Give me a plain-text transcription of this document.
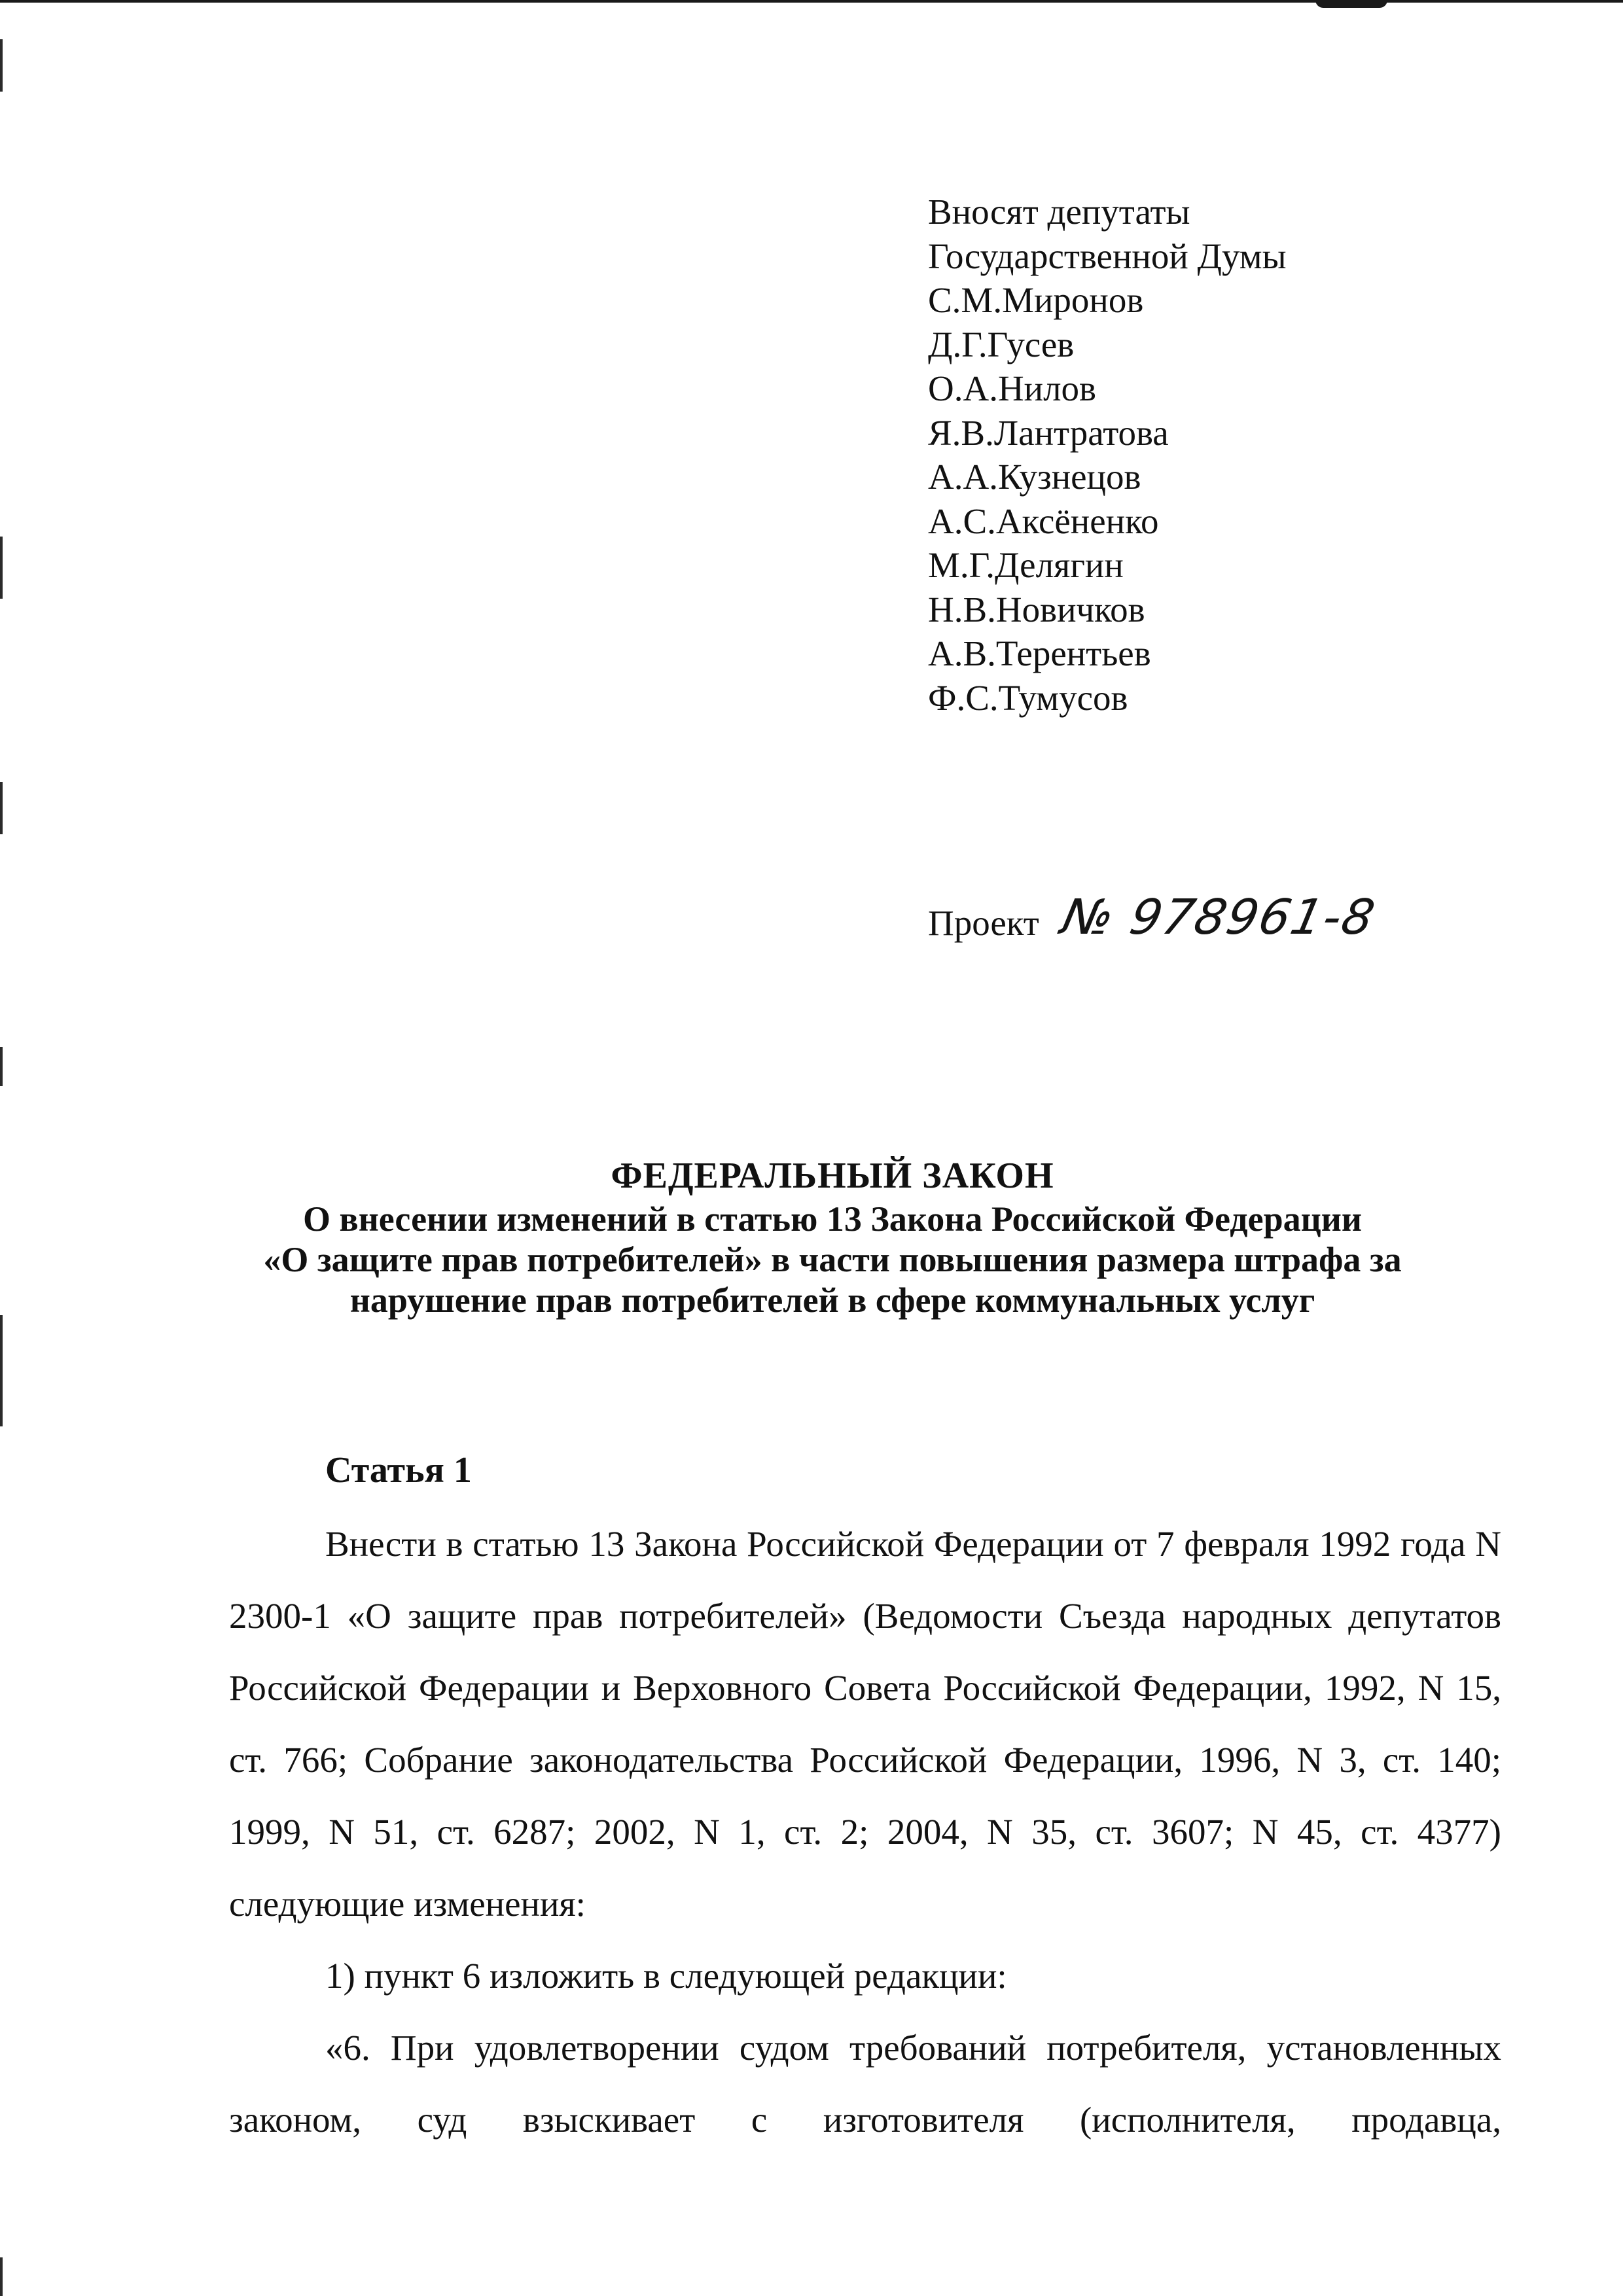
Вносят депутаты
Государственной Думы
С.М.Миронов
Д.Г.Гусев
О.А.Нилов
Я.В.Лантратова
А.А.Кузнецов
А.С.Аксёненко
М.Г.Делягин
Н.В.Новичков
А.В.Терентьев
Ф.С.Тумусов
Проект № 978961-8
ФЕДЕРАЛЬНЫЙ ЗАКОН
О внесении изменений в статью 13 Закона Российской Федерации
«О защите прав потребителей» в части повышения размера штрафа за
нарушение прав потребителей в сфере коммунальных услуг
Статья 1

Внести в статью 13 Закона Российской Федерации от 7 февраля 1992 года N 2300-1 «О защите прав потребителей» (Ведомости Съезда народных депутатов Российской Федерации и Верховного Совета Российской Федерации, 1992, N 15, ст. 766; Собрание законодательства Российской Федерации, 1996, N 3, ст. 140; 1999, N 51, ст. 6287; 2002, N 1, ст. 2; 2004, N 35, ст. 3607; N 45, ст. 4377) следующие изменения:

1) пункт 6 изложить в следующей редакции:

«6. При удовлетворении судом требований потребителя, установленных законом, суд взыскивает с изготовителя (исполнителя, продавца,
